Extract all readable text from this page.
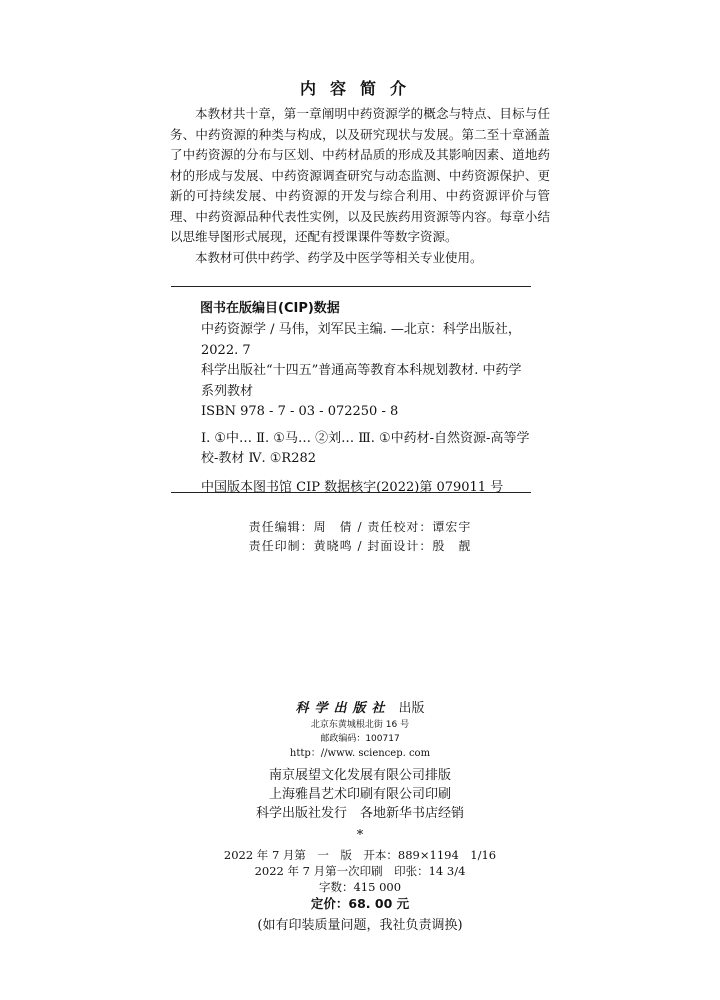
内容简介

本教材共十章，第一章阐明中药资源学的概念与特点、目标与任务、中药资源的种类与构成，以及研究现状与发展。第二至十章涵盖了中药资源的分布与区划、中药材品质的形成及其影响因素、道地药材的形成与发展、中药资源调查研究与动态监测、中药资源保护、更新的可持续发展、中药资源的开发与综合利用、中药资源评价与管理、中药资源品种代表性实例，以及民族药用资源等内容。每章小结以思维导图形式展现，还配有授课课件等数字资源。

本教材可供中药学、药学及中医学等相关专业使用。

图书在版编目(CIP)数据

中药资源学 / 马伟，刘军民主编. —北京：科学出版社，2022. 7

科学出版社“十四五”普通高等教育本科规划教材. 中药学系列教材

ISBN 978 - 7 - 03 - 072250 - 8

Ⅰ. ①中… Ⅱ. ①马… ②刘… Ⅲ. ①中药材-自然资源-高等学校-教材 Ⅳ. ①R282

中国版本图书馆 CIP 数据核字(2022)第 079011 号

责任编辑：周　倩 / 责任校对：谭宏宇
责任印制：黄晓鸣 / 封面设计：殷　靓
科学出版社 出版
北京东黄城根北街 16 号
邮政编码：100717
http：//www. sciencep. com
南京展望文化发展有限公司排版
上海雅昌艺术印刷有限公司印刷
科学出版社发行　各地新华书店经销
*
2022 年 7 月第　一　版　开本：889×1194　1/16
2022 年 7 月第一次印刷　印张：14 3/4
字数：415 000
定价：68. 00 元
(如有印装质量问题，我社负责调换)
